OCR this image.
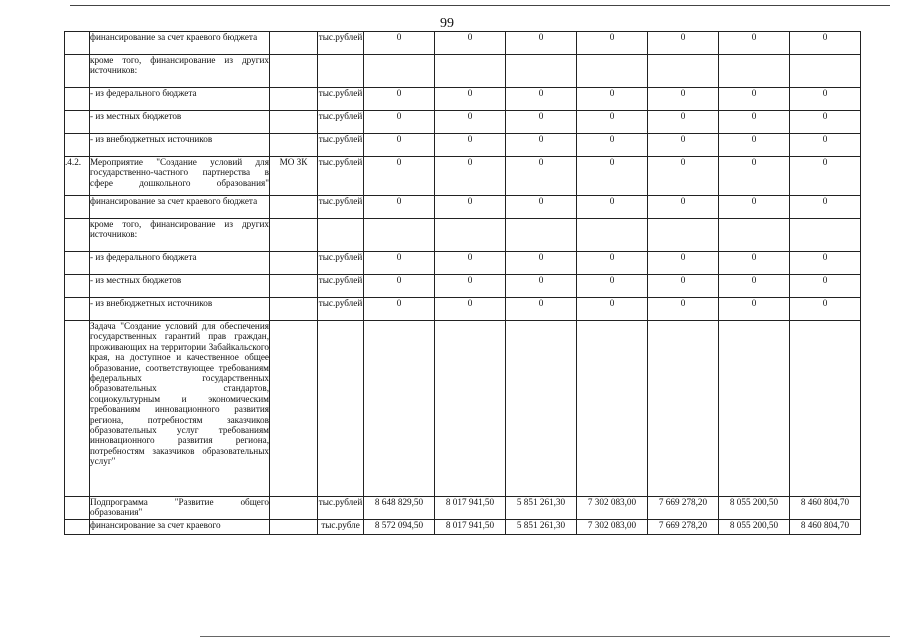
99
	финансирование за счет краевого бюджета		тыс.рублей	0	0	0	0	0	0	0
	кроме того, финансирование из других источников:									
	- из федерального бюджета		тыс.рублей	0	0	0	0	0	0	0
	- из местных бюджетов		тыс.рублей	0	0	0	0	0	0	0
	- из внебюджетных источников		тыс.рублей	0	0	0	0	0	0	0
.4.2.	Мероприятие "Создание условий для государственно-частного партнерства в сфере дошкольного образования"	МО ЗК	тыс.рублей	0	0	0	0	0	0	0
	финансирование за счет краевого бюджета		тыс.рублей	0	0	0	0	0	0	0
	кроме того, финансирование из других источников:									
	- из федерального бюджета		тыс.рублей	0	0	0	0	0	0	0
	- из местных бюджетов		тыс.рублей	0	0	0	0	0	0	0
	- из внебюджетных источников		тыс.рублей	0	0	0	0	0	0	0
	Задача "Создание условий для обеспечения государственных гарантий прав граждан, проживающих на территории Забайкальского края, на доступное и качественное общее образование, соответствующее требованиям федеральных государственных образовательных стандартов, социокультурным и экономическим требованиям инновационного развития региона, потребностям заказчиков образовательных услуг требованиям инновационного развития региона, потребностям заказчиков образовательных услуг"									
	Подпрограмма "Развитие общего образования"		тыс.рублей	8 648 829,50	8 017 941,50	5 851 261,30	7 302 083,00	7 669 278,20	8 055 200,50	8 460 804,70
	финансирование за счет краевого		тыс.рубле	8 572 094,50	8 017 941,50	5 851 261,30	7 302 083,00	7 669 278,20	8 055 200,50	8 460 804,70
